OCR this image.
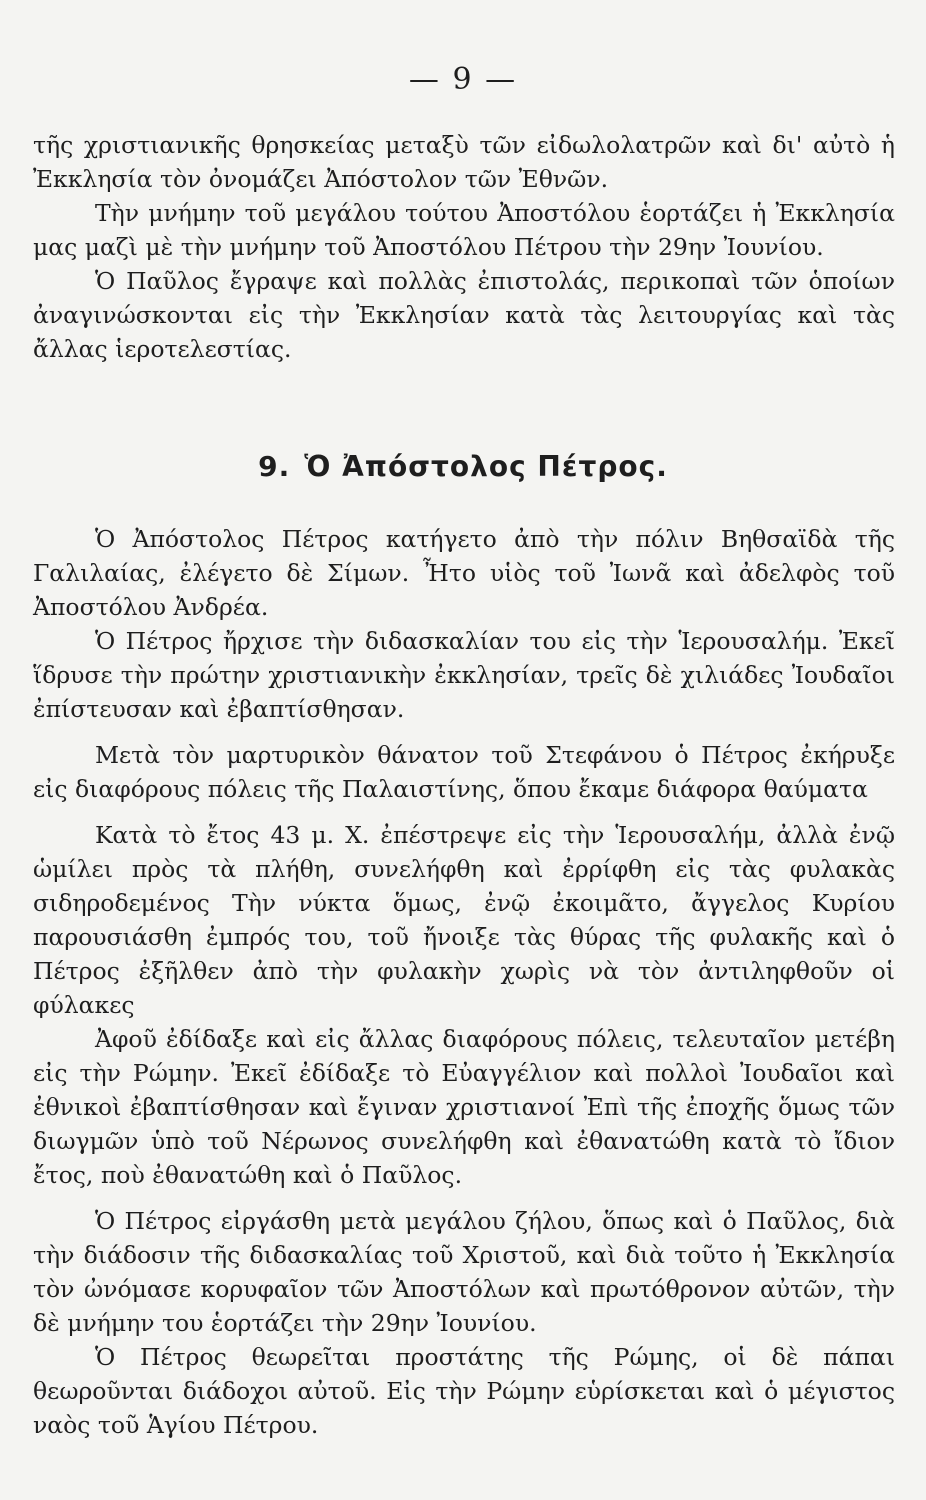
— 9 —

τῆς χριστιανικῆς θρησκείας μεταξὺ τῶν εἰδωλολατρῶν καὶ δι' αὐτὸ ἡ Ἐκκλησία τὸν ὀνομάζει Ἀπόστολον τῶν Ἐθνῶν.

Τὴν μνήμην τοῦ μεγάλου τούτου Ἀποστόλου ἑορτάζει ἡ Ἐκκλησία μας μαζὶ μὲ τὴν μνήμην τοῦ Ἀποστόλου Πέτρου τὴν 29ην Ἰουνίου.

Ὁ Παῦλος ἔγραψε καὶ πολλὰς ἐπιστολάς, περικοπαὶ τῶν ὁποίων ἀναγινώσκονται εἰς τὴν Ἐκκλησίαν κατὰ τὰς λειτουργίας καὶ τὰς ἄλλας ἱεροτελεστίας.

9. Ὁ Ἀπόστολος Πέτρος.

Ὁ Ἀπόστολος Πέτρος κατήγετο ἀπὸ τὴν πόλιν Βηθσαϊδὰ τῆς Γαλιλαίας, ἐλέγετο δὲ Σίμων. Ἦτο υἱὸς τοῦ Ἰωνᾶ καὶ ἀδελφὸς τοῦ Ἀποστόλου Ἀνδρέα.

Ὁ Πέτρος ἤρχισε τὴν διδασκαλίαν του εἰς τὴν Ἱερουσαλήμ. Ἐκεῖ ἵδρυσε τὴν πρώτην χριστιανικὴν ἐκκλησίαν, τρεῖς δὲ χιλιάδες Ἰουδαῖοι ἐπίστευσαν καὶ ἐβαπτίσθησαν.

Μετὰ τὸν μαρτυρικὸν θάνατον τοῦ Στεφάνου ὁ Πέτρος ἐκήρυξε εἰς διαφόρους πόλεις τῆς Παλαιστίνης, ὅπου ἔκαμε διάφορα θαύματα

Κατὰ τὸ ἔτος 43 μ. Χ. ἐπέστρεψε εἰς τὴν Ἱερουσαλήμ, ἀλλὰ ἐνῷ ὡμίλει πρὸς τὰ πλήθη, συνελήφθη καὶ ἐρρίφθη εἰς τὰς φυλακὰς σιδηροδεμένος Τὴν νύκτα ὅμως, ἐνῷ ἐκοιμᾶτο, ἄγγελος Κυρίου παρουσιάσθη ἐμπρός του, τοῦ ἤνοιξε τὰς θύρας τῆς φυλακῆς καὶ ὁ Πέτρος ἐξῆλθεν ἀπὸ τὴν φυλακὴν χωρὶς νὰ τὸν ἀντιληφθοῦν οἱ φύλακες

Ἀφοῦ ἐδίδαξε καὶ εἰς ἄλλας διαφόρους πόλεις, τελευταῖον μετέβη εἰς τὴν Ρώμην. Ἐκεῖ ἐδίδαξε τὸ Εὐαγγέλιον καὶ πολλοὶ Ἰουδαῖοι καὶ ἐθνικοὶ ἐβαπτίσθησαν καὶ ἔγιναν χριστιανοί Ἐπὶ τῆς ἐποχῆς ὅμως τῶν διωγμῶν ὑπὸ τοῦ Νέρωνος συνελήφθη καὶ ἐθανατώθη κατὰ τὸ ἴδιον ἔτος, ποὺ ἐθανατώθη καὶ ὁ Παῦλος.

Ὁ Πέτρος εἰργάσθη μετὰ μεγάλου ζήλου, ὅπως καὶ ὁ Παῦλος, διὰ τὴν διάδοσιν τῆς διδασκαλίας τοῦ Χριστοῦ, καὶ διὰ τοῦτο ἡ Ἐκκλησία τὸν ὠνόμασε κορυφαῖον τῶν Ἀποστόλων καὶ πρωτόθρονον αὐτῶν, τὴν δὲ μνήμην του ἑορτάζει τὴν 29ην Ἰουνίου.

Ὁ Πέτρος θεωρεῖται προστάτης τῆς Ρώμης, οἱ δὲ πάπαι θεωροῦνται διάδοχοι αὐτοῦ. Εἰς τὴν Ρώμην εὑρίσκεται καὶ ὁ μέγιστος ναὸς τοῦ Ἁγίου Πέτρου.
